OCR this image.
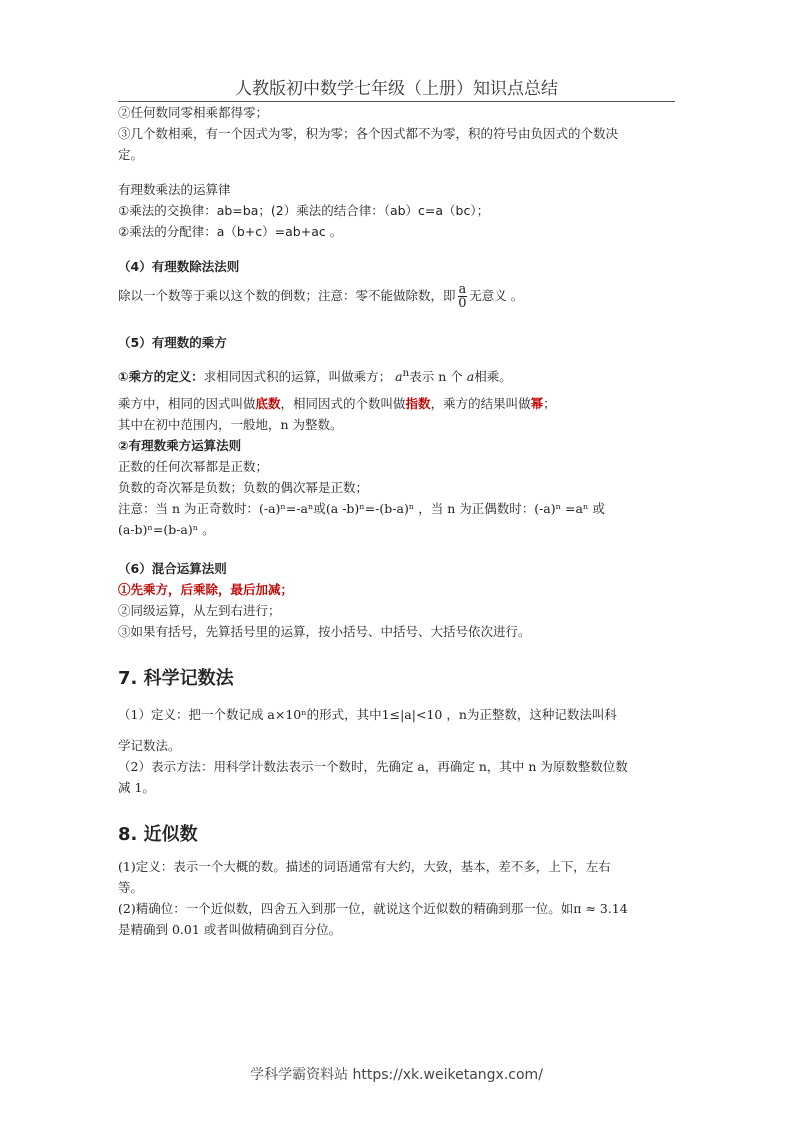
人教版初中数学七年级（上册）知识点总结

②任何数同零相乘都得零；

③几个数相乘，有一个因式为零，积为零；各个因式都不为零，积的符号由负因式的个数决

定。

有理数乘法的运算律

①乘法的交换律：ab=ba；(2）乘法的结合律：（ab）c=a（bc）；

②乘法的分配律：a（b+c）=ab+ac 。

（4）有理数除法法则

除以一个数等于乘以这个数的倒数；注意：零不能做除数，即 $\frac{a}{0}$ 无意义 。

（5）有理数的乘方

①乘方的定义：求相同因式积的运算，叫做乘方； $a^n$表示 n 个 a相乘。

乘方中，相同的因式叫做底数，相同因式的个数叫做指数，乘方的结果叫做幂；

其中在初中范围内，一般地，n 为整数。

②有理数乘方运算法则

正数的任何次幂都是正数；

负数的奇次幂是负数；负数的偶次幂是正数；

注意：当 n 为正奇数时：(-a)ⁿ=-aⁿ或(a -b)ⁿ=-(b-a)ⁿ ，当 n 为正偶数时：(-a)ⁿ =aⁿ 或

(a-b)ⁿ=(b-a)ⁿ 。

（6）混合运算法则

①先乘方，后乘除，最后加减；

②同级运算，从左到右进行；

③如果有括号，先算括号里的运算，按小括号、中括号、大括号依次进行。

7. 科学记数法

（1）定义：把一个数记成 a×10ⁿ的形式，其中1≤|a|<10 ，n为正整数，这种记数法叫科

学记数法。

（2）表示方法：用科学计数法表示一个数时，先确定 a，再确定 n，其中 n 为原数整数位数

减 1。

8. 近似数

(1)定义：表示一个大概的数。描述的词语通常有大约，大致，基本，差不多，上下，左右

等。

(2)精确位：一个近似数，四舍五入到那一位，就说这个近似数的精确到那一位。如π ≈ 3.14

是精确到 0.01 或者叫做精确到百分位。

学科学霸资料站 https://xk.weiketangx.com/
